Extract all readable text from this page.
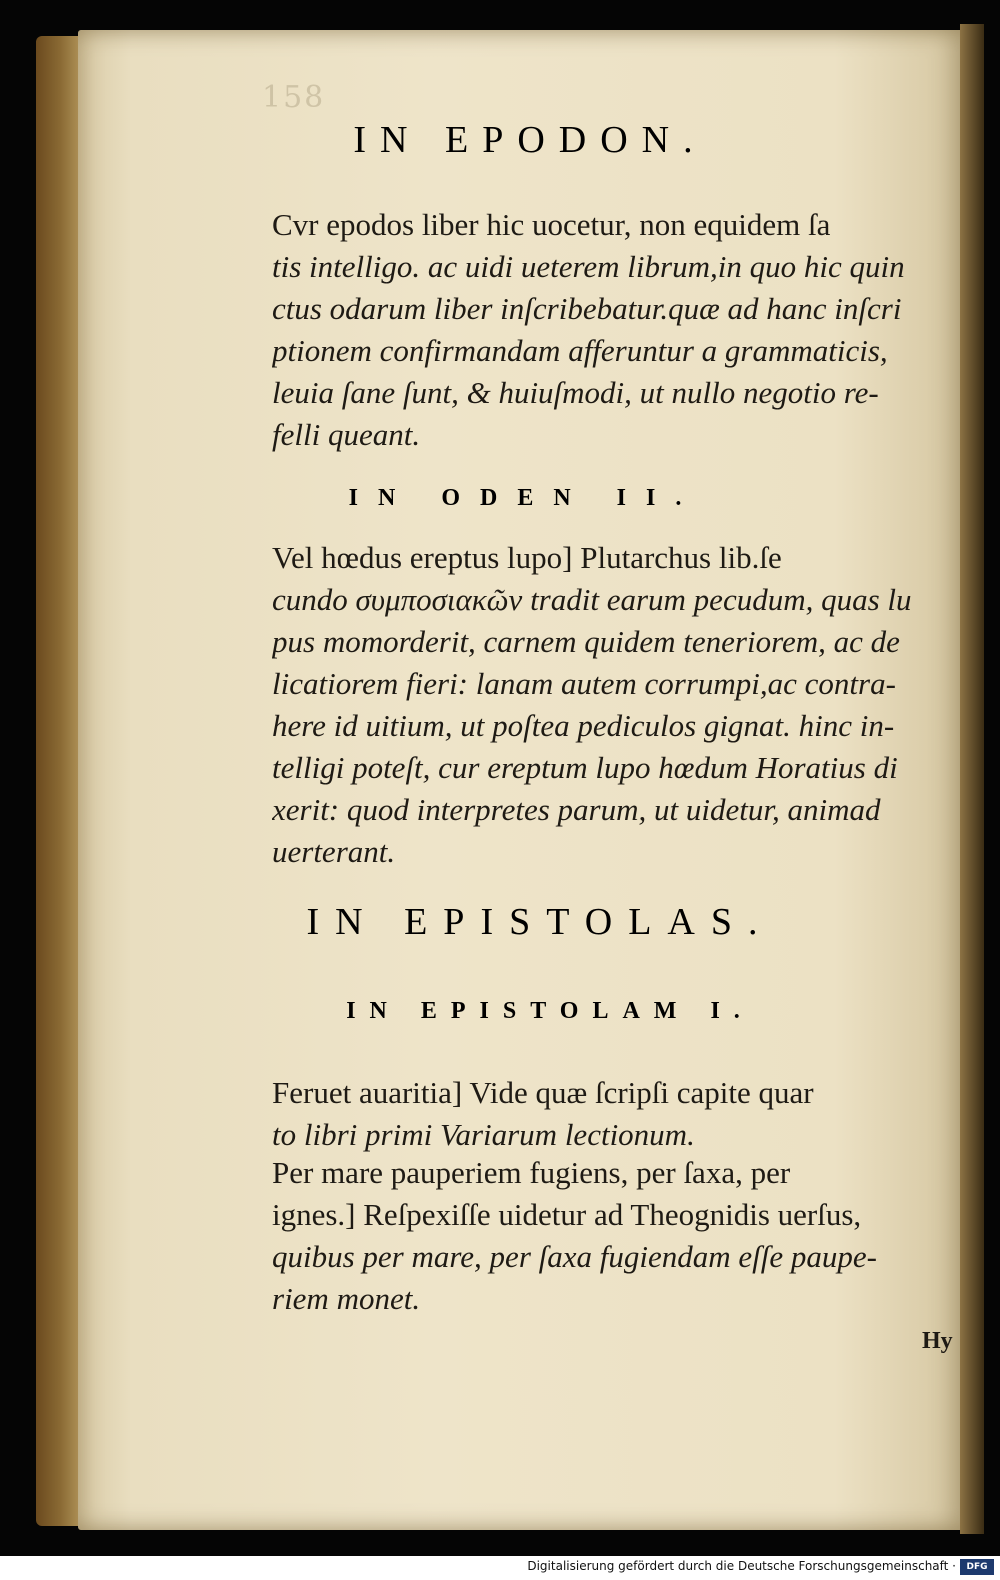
158
IN EPODON.
Cvr epodos liber hic uocetur, non equidem ſa
tis intelligo. ac uidi ueterem librum,in quo hic quin
ctus odarum liber inſcribebatur.quæ ad hanc inſcri
ptionem confirmandam afferuntur a grammaticis,
leuia ſane ſunt, & huiuſmodi, ut nullo negotio re-
felli queant.
IN ODEN II.
Vel hœdus ereptus lupo] Plutarchus lib.ſe
cundo συμποσιακῶν tradit earum pecudum, quas lu
pus momorderit, carnem quidem teneriorem, ac de
licatiorem fieri: lanam autem corrumpi,ac contra-
here id uitium, ut poſtea pediculos gignat. hinc in-
telligi poteſt, cur ereptum lupo hœdum Horatius di
xerit: quod interpretes parum, ut uidetur, animad
uerterant.
IN EPISTOLAS.
IN EPISTOLAM I.
Feruet auaritia] Vide quæ ſcripſi capite quar
to libri primi Variarum lectionum.
Per mare pauperiem fugiens, per ſaxa, per
ignes.] Reſpexiſſe uidetur ad Theognidis uerſus,
quibus per mare, per ſaxa fugiendam eſſe paupe-
riem monet.
Hy
Digitalisierung gefördert durch die Deutsche Forschungsgemeinschaft ·	DFG
